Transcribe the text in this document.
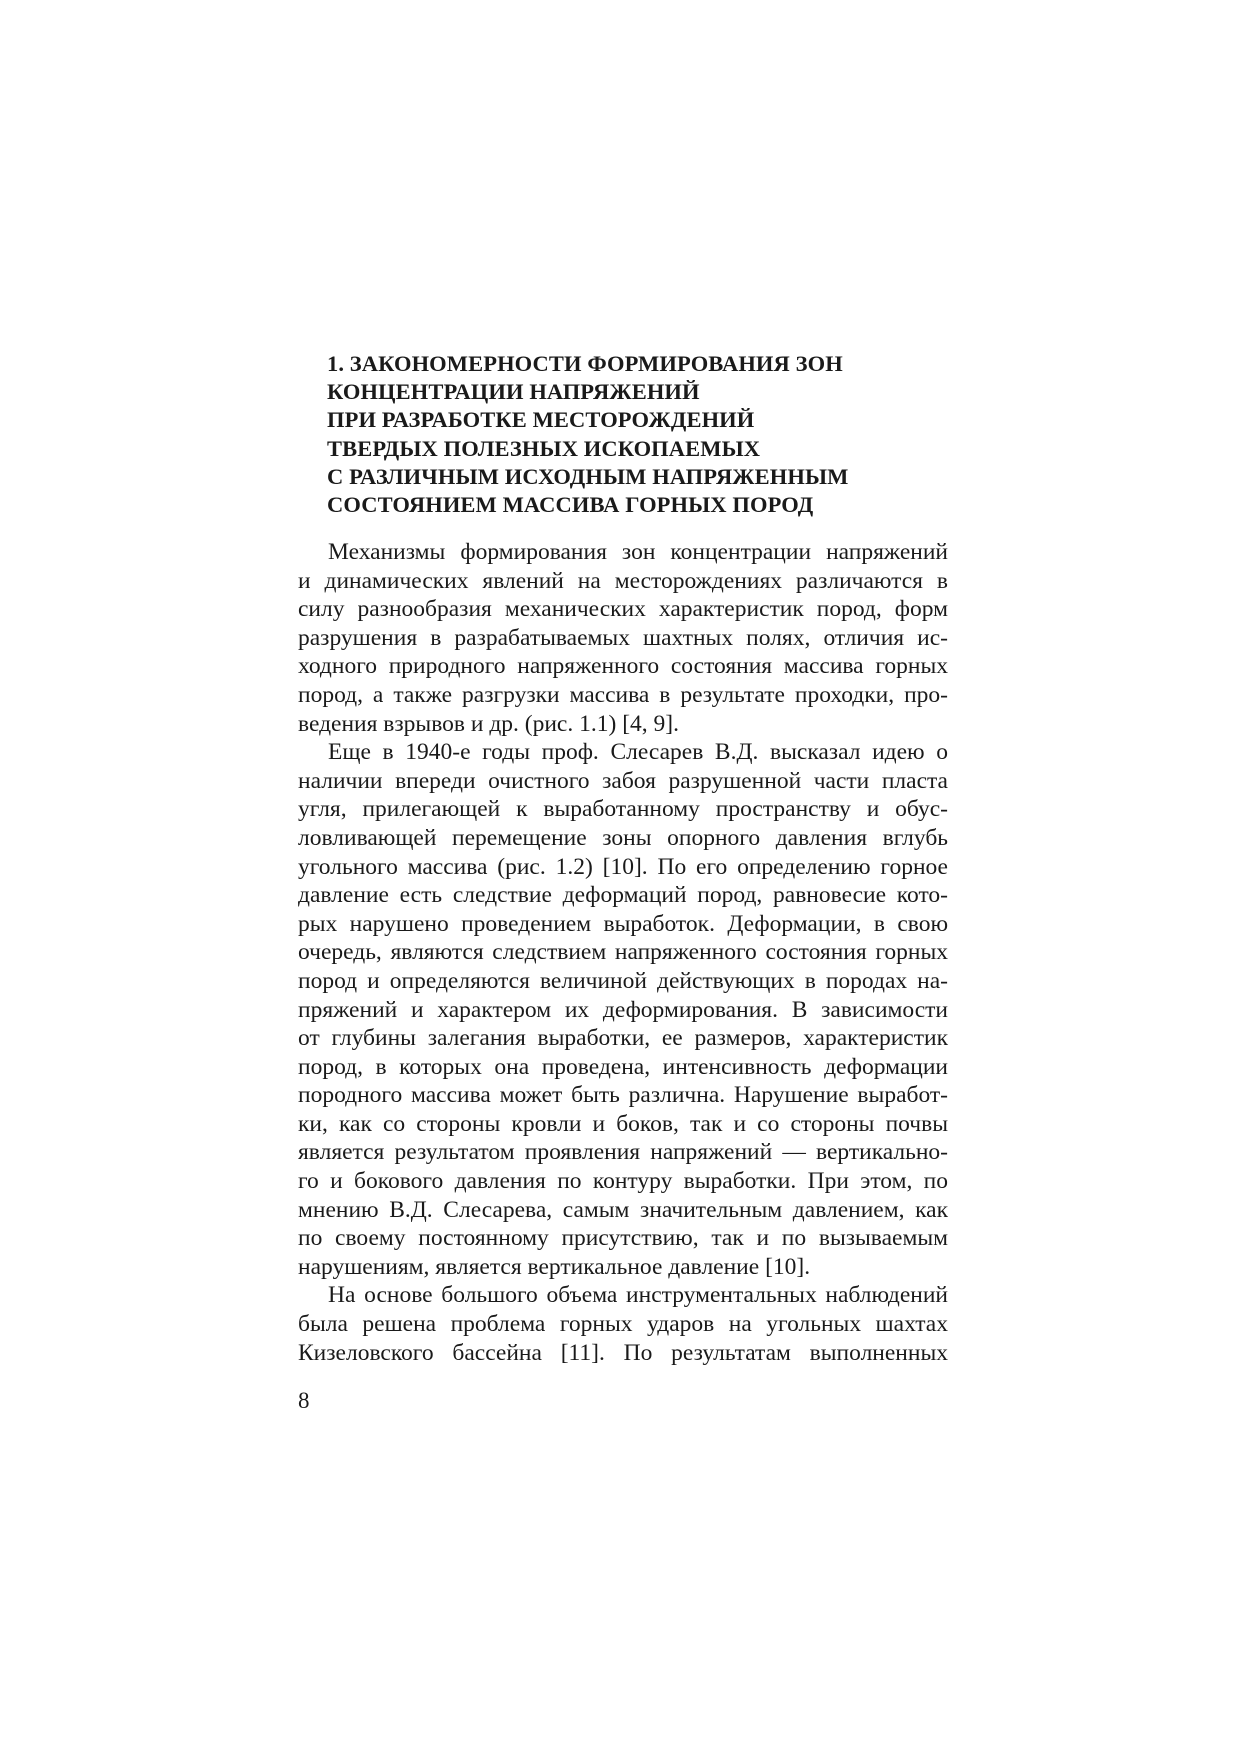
1. ЗАКОНОМЕРНОСТИ ФОРМИРОВАНИЯ ЗОН
КОНЦЕНТРАЦИИ НАПРЯЖЕНИЙ
ПРИ РАЗРАБОТКЕ МЕСТОРОЖДЕНИЙ
ТВЕРДЫХ ПОЛЕЗНЫХ ИСКОПАЕМЫХ
С РАЗЛИЧНЫМ ИСХОДНЫМ НАПРЯЖЕННЫМ
СОСТОЯНИЕМ МАССИВА ГОРНЫХ ПОРОД

Механизмы формирования зон концентрации напряжений
и динамических явлений на месторождениях различаются в
силу разнообразия механических характеристик пород, форм
разрушения в разрабатываемых шахтных полях, отличия ис-
ходного природного напряженного состояния массива горных
пород, а также разгрузки массива в результате проходки, про-
ведения взрывов и др. (рис. 1.1) [4, 9].

Еще в 1940-е годы проф. Слесарев В.Д. высказал идею о
наличии впереди очистного забоя разрушенной части пласта
угля, прилегающей к выработанному пространству и обус-
ловливающей перемещение зоны опорного давления вглубь
угольного массива (рис. 1.2) [10]. По его определению горное
давление есть следствие деформаций пород, равновесие кото-
рых нарушено проведением выработок. Деформации, в свою
очередь, являются следствием напряженного состояния горных
пород и определяются величиной действующих в породах на-
пряжений и характером их деформирования. В зависимости
от глубины залегания выработки, ее размеров, характеристик
пород, в которых она проведена, интенсивность деформации
породного массива может быть различна. Нарушение выработ-
ки, как со стороны кровли и боков, так и со стороны почвы
является результатом проявления напряжений — вертикально-
го и бокового давления по контуру выработки. При этом, по
мнению В.Д. Слесарева, самым значительным давлением, как
по своему постоянному присутствию, так и по вызываемым
нарушениям, является вертикальное давление [10].

На основе большого объема инструментальных наблюдений
была решена проблема горных ударов на угольных шахтах
Кизеловского бассейна [11]. По результатам выполненных

8
